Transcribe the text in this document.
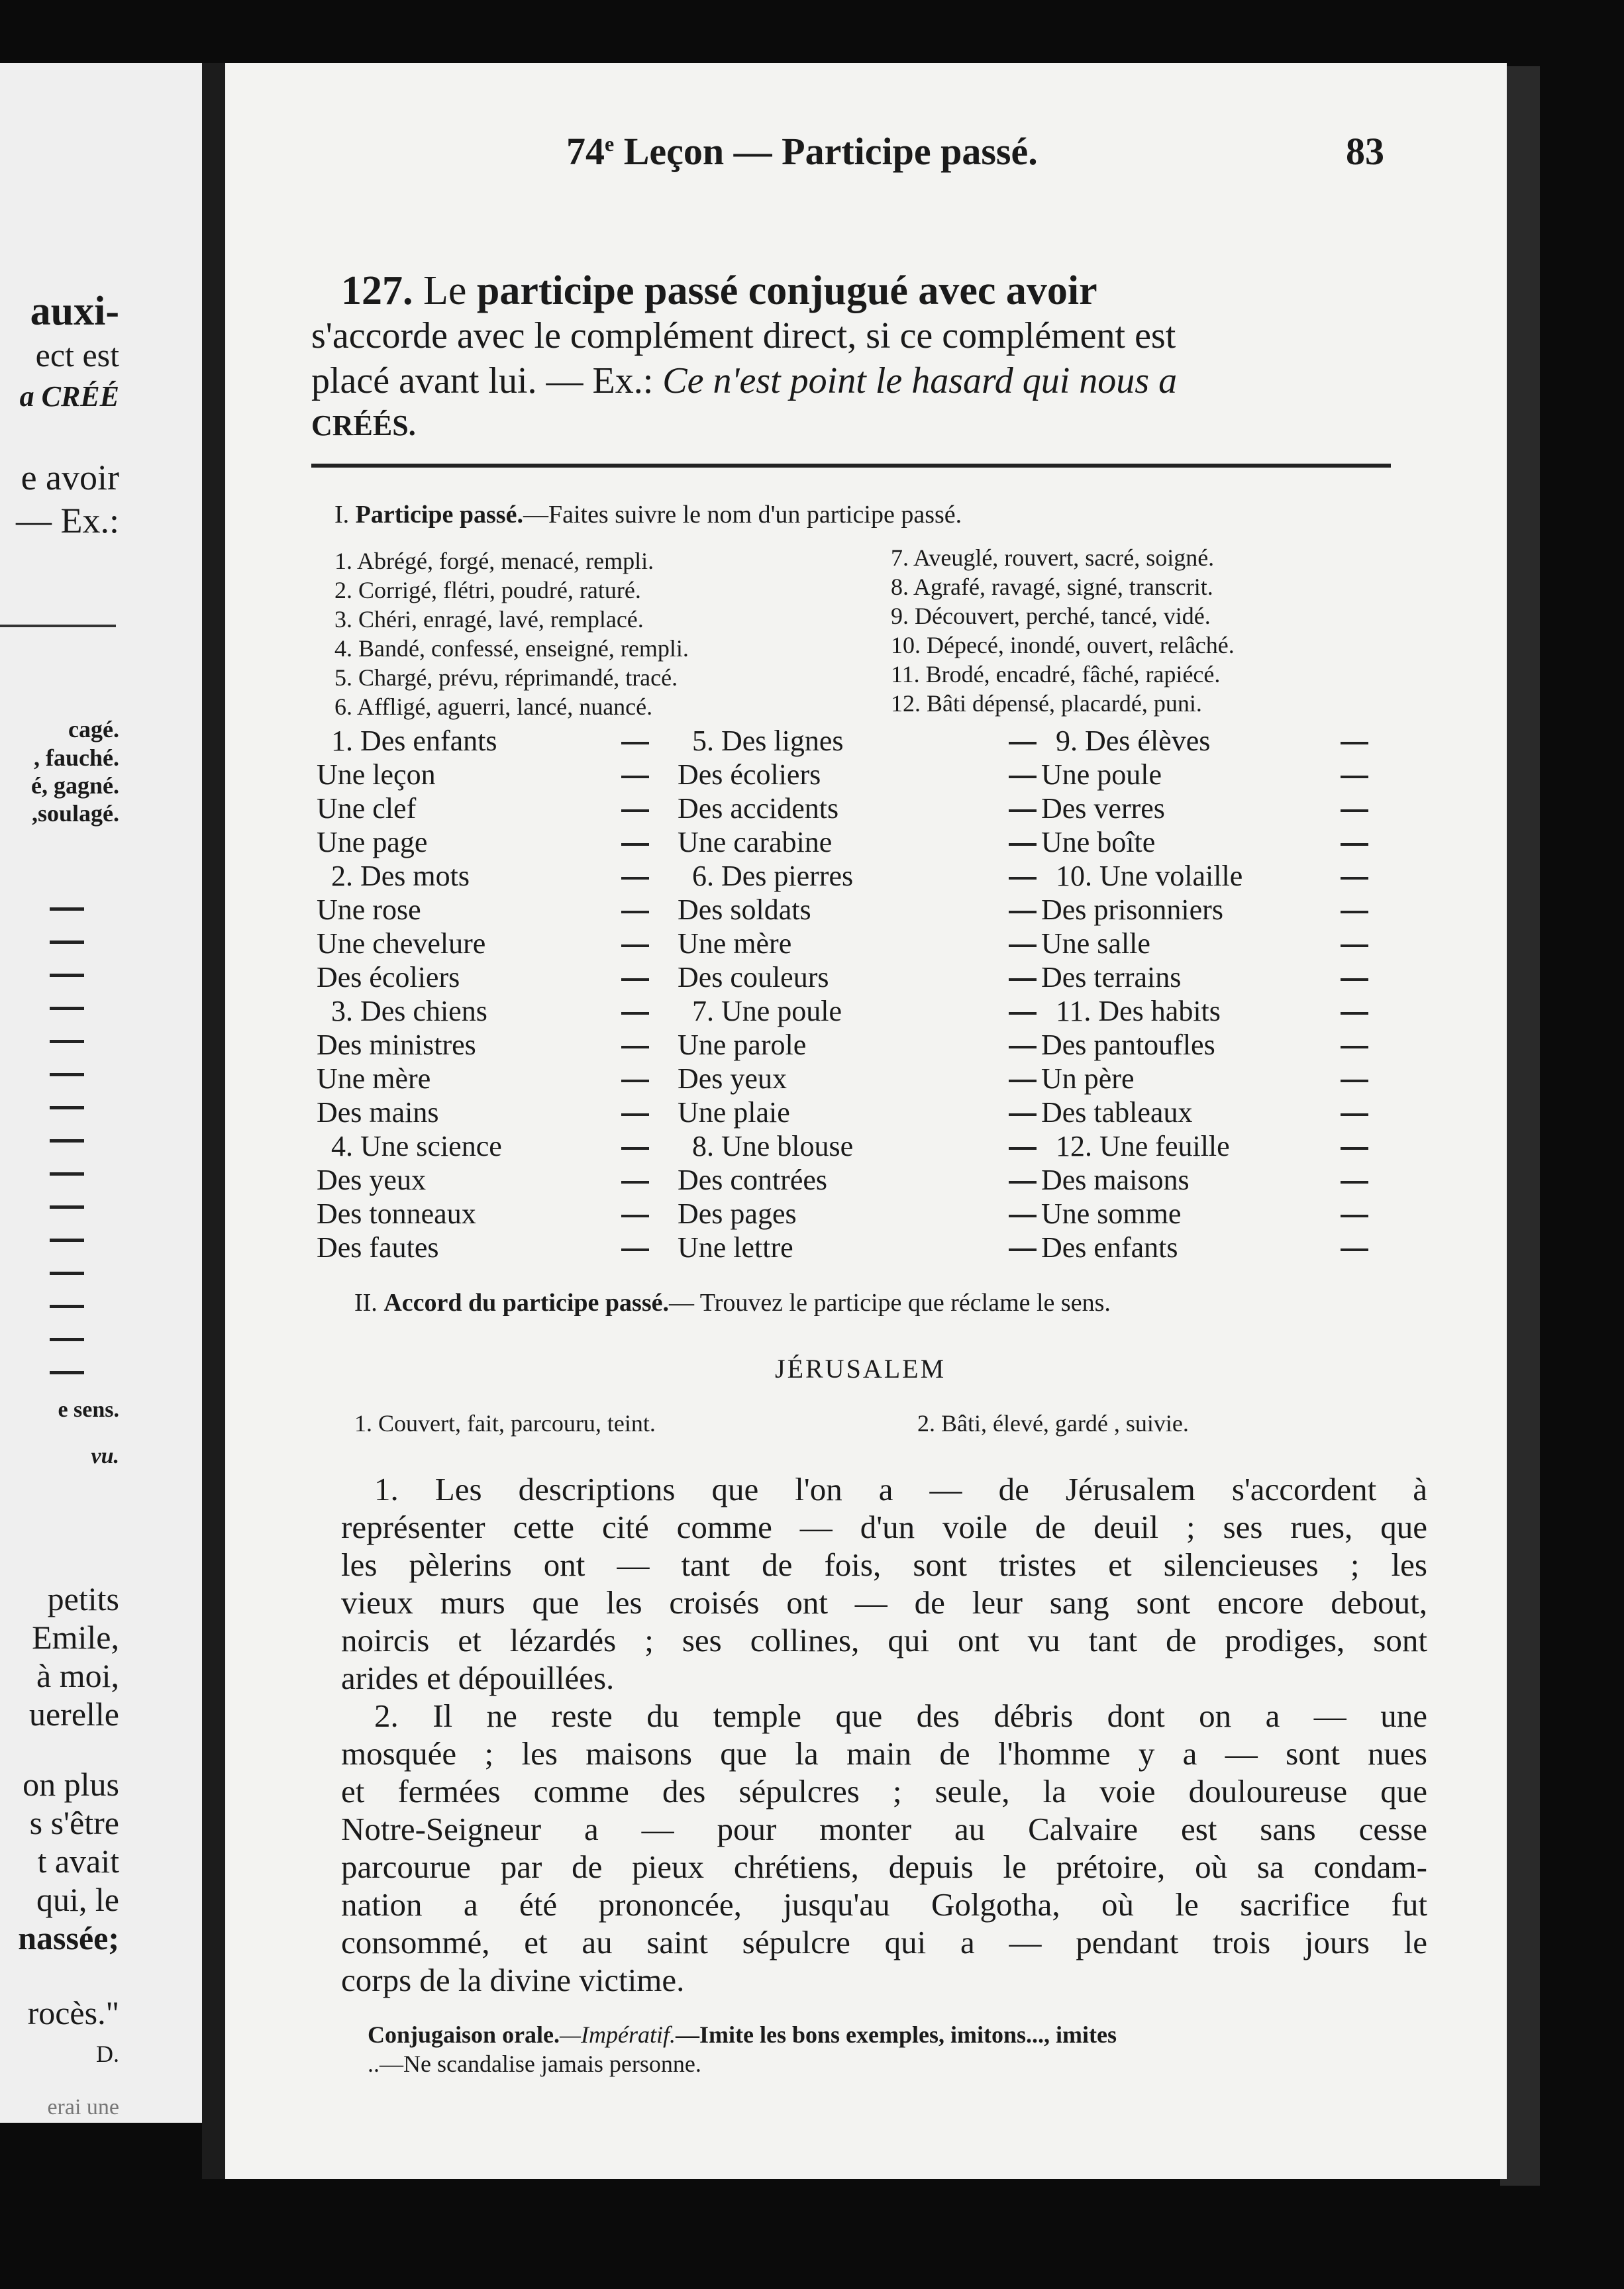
auxi-
ect est
a CRÉÉ
e avoir
— Ex.:
cagé.
, fauché.
é, gagné.
,soulagé.
e sens.
vu.
petits
Emile,
à moi,
uerelle
on plus
s s'être
t avait
qui, le
nassée;
rocès."
D.
erai une
74e Leçon — Participe passé.	83
127. Le participe passé conjugué avec avoir
s'accorde avec le complément direct, si ce complément est
placé avant lui. — Ex.: Ce n'est point le hasard qui nous a
CRÉÉS.
I. Participe passé.—Faites suivre le nom d'un participe passé.
1. Abrégé, forgé, menacé, rempli.
2. Corrigé, flétri, poudré, raturé.
3. Chéri, enragé, lavé, remplacé.
4. Bandé, confessé, enseigné, rempli.
5. Chargé, prévu, réprimandé, tracé.
6. Affligé, aguerri, lancé, nuancé.
7. Aveuglé, rouvert, sacré, soigné.
8. Agrafé, ravagé, signé, transcrit.
9. Découvert, perché, tancé, vidé.
10. Dépecé, inondé, ouvert, relâché.
11. Brodé, encadré, fâché, rapiécé.
12. Bâti dépensé, placardé, puni.
1. Des enfants
Une leçon
Une clef
Une page
2. Des mots
Une rose
Une chevelure
Des écoliers
3. Des chiens
Des ministres
Une mère
Des mains
4. Une science
Des yeux
Des tonneaux
Des fautes
5. Des lignes
Des écoliers
Des accidents
Une carabine
6. Des pierres
Des soldats
Une mère
Des couleurs
7. Une poule
Une parole
Des yeux
Une plaie
8. Une blouse
Des contrées
Des pages
Une lettre
9. Des élèves
Une poule
Des verres
Une boîte
10. Une volaille
Des prisonniers
Une salle
Des terrains
11. Des habits
Des pantoufles
Un père
Des tableaux
12. Une feuille
Des maisons
Une somme
Des enfants
II. Accord du participe passé.— Trouvez le participe que réclame le sens.
JÉRUSALEM
1. Couvert, fait, parcouru, teint.	2. Bâti, élevé, gardé , suivie.
1. Les descriptions que l'on a — de Jérusalem s'accordent à
représenter cette cité comme — d'un voile de deuil ; ses rues, que
les pèlerins ont — tant de fois, sont tristes et silencieuses ; les
vieux murs que les croisés ont — de leur sang sont encore debout,
noircis et lézardés ; ses collines, qui ont vu tant de prodiges, sont
arides et dépouillées.
2. Il ne reste du temple que des débris dont on a — une
mosquée ; les maisons que la main de l'homme y a — sont nues
et fermées comme des sépulcres ; seule, la voie douloureuse que
Notre-Seigneur a — pour monter au Calvaire est sans cesse
parcourue par de pieux chrétiens, depuis le prétoire, où sa condam-
nation a été prononcée, jusqu'au Golgotha, où le sacrifice fut
consommé, et au saint sépulcre qui a — pendant trois jours le
corps de la divine victime.
Conjugaison orale.—Impératif.—Imite les bons exemples, imitons..., imites
..—Ne scandalise jamais personne.
